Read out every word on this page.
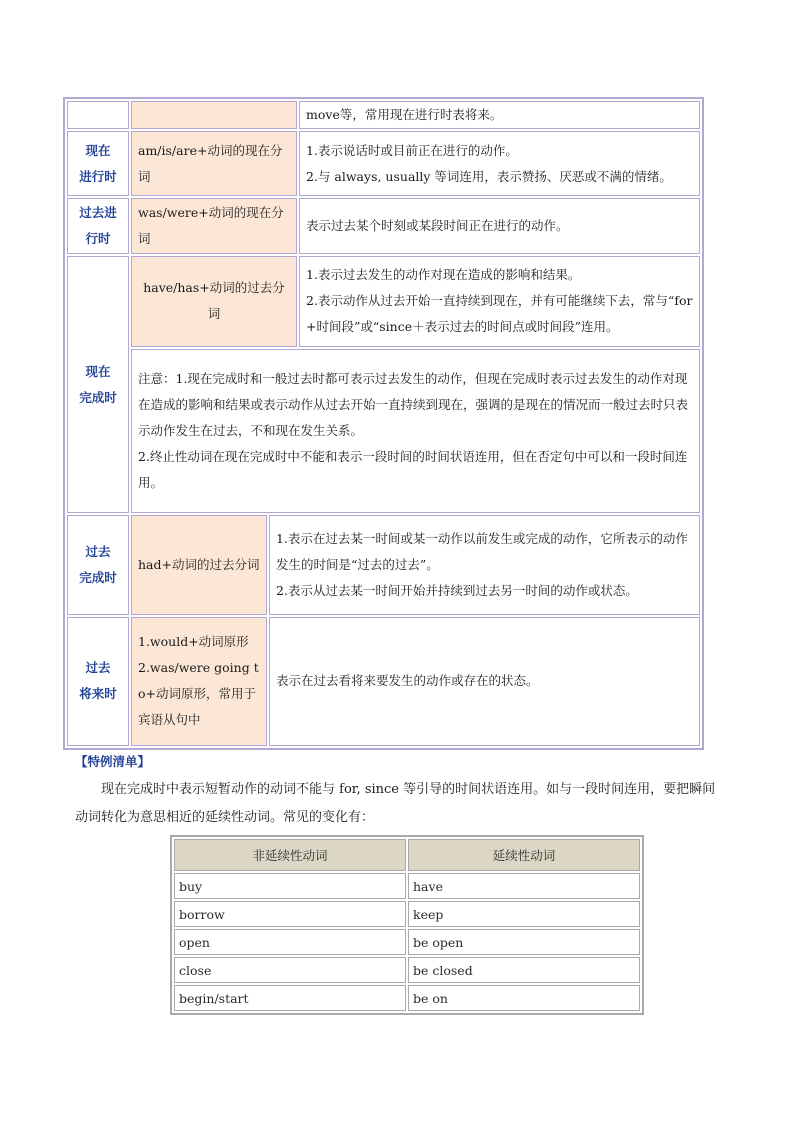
			move等，常用现在进行时表将来。

现在
进行时	am/is/are+动词的现在分词		1.表示说话时或目前正在进行的动作。
2.与 always, usually 等词连用，表示赞扬、厌恶或不满的情绪。

过去进
行时	was/were+动词的现在分词		表示过去某个时刻或某段时间正在进行的动作。

现在
完成时	have/has+动词的过去分词		1.表示过去发生的动作对现在造成的影响和结果。
2.表示动作从过去开始一直持续到现在，并有可能继续下去，常与“for+时间段”或“since＋表示过去的时间点或时间段”连用。

	注意：1.现在完成时和一般过去时都可表示过去发生的动作，但现在完成时表示过去发生的动作对现在造成的影响和结果或表示动作从过去开始一直持续到现在，强调的是现在的情况而一般过去时只表示动作发生在过去，不和现在发生关系。
2.终止性动词在现在完成时中不能和表示一段时间的时间状语连用，但在否定句中可以和一段时间连用。		

过去
完成时	had+动词的过去分词	1.表示在过去某一时间或某一动作以前发生或完成的动作，它所表示的动作发生的时间是“过去的过去”。
2.表示从过去某一时间开始并持续到过去另一时间的动作或状态。	

过去
将来时	1.would+动词原形
2.was/were going to+动词原形，常用于宾语从句中	表示在过去看将来要发生的动作或存在的状态。	
【特例清单】
现在完成时中表示短暂动作的动词不能与 for, since 等引导的时间状语连用。如与一段时间连用，要把瞬间动词转化为意思相近的延续性动词。常见的变化有：
非延续性动词	延续性动词
buy	have
borrow	keep
open	be open
close	be closed
begin/start	be on
